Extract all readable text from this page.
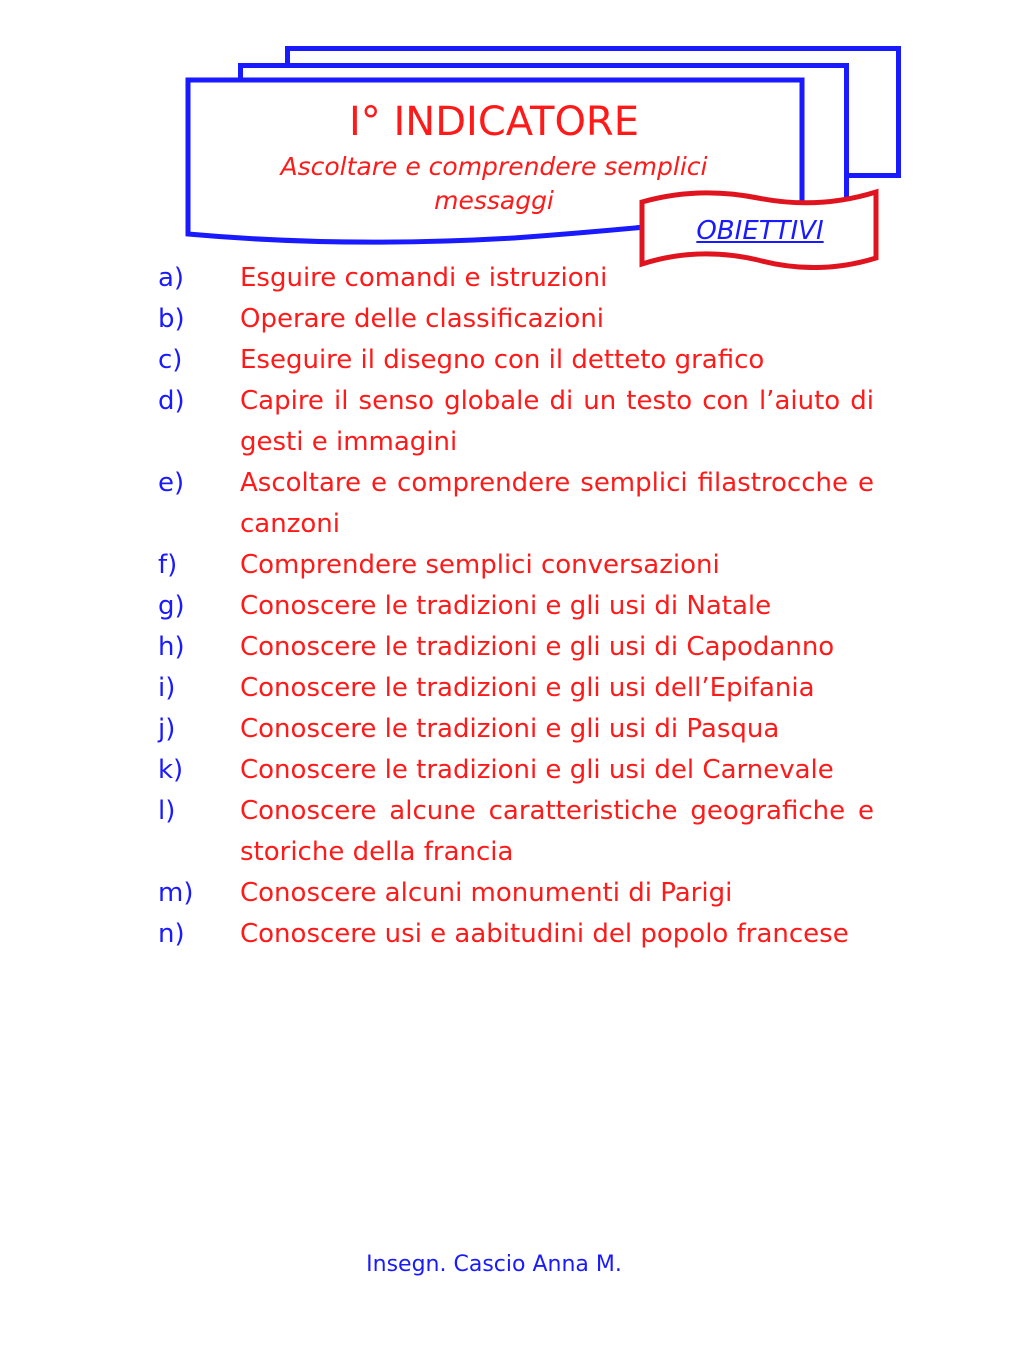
I° INDICATORE

Ascoltare e comprendere semplici messaggi

OBIETTIVI
a)	Esguire comandi e istruzioni
b)	Operare delle classificazioni
c)	Eseguire il disegno con il detteto grafico
d)	Capire il senso globale di un testo con l’aiuto di gesti e immagini
e)	Ascoltare e comprendere semplici filastrocche e canzoni
f)	Comprendere semplici conversazioni
g)	Conoscere le tradizioni e gli usi di Natale
h)	Conoscere le tradizioni e gli usi di Capodanno
i)	Conoscere le tradizioni e gli usi dell’Epifania
j)	Conoscere le tradizioni e gli usi di Pasqua
k)	Conoscere le tradizioni e gli usi del Carnevale
l)	Conoscere alcune caratteristiche geografiche e storiche della francia
m)	Conoscere alcuni monumenti di Parigi
n)	Conoscere usi e aabitudini del popolo francese
Insegn. Cascio Anna M.
